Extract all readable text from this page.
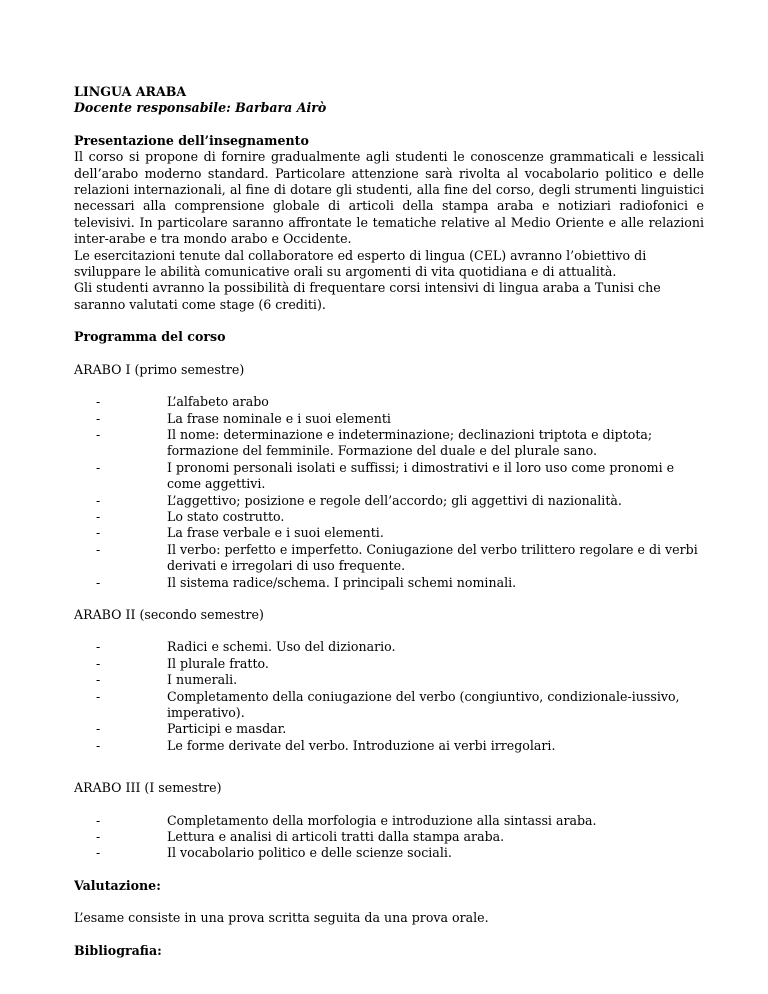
LINGUA ARABA

Docente responsabile: Barbara Airò

Presentazione dell’insegnamento

Il corso si propone di fornire gradualmente agli studenti le conoscenze grammaticali e lessicali dell’arabo moderno standard. Particolare attenzione sarà rivolta al vocabolario politico e delle relazioni internazionali, al fine di dotare gli studenti, alla fine del corso, degli strumenti linguistici necessari alla comprensione globale di articoli della stampa araba e notiziari radiofonici e televisivi. In particolare saranno affrontate le tematiche relative al Medio Oriente e alle relazioni inter-arabe e tra mondo arabo e Occidente.

Le esercitazioni tenute dal collaboratore ed esperto di lingua (CEL) avranno l’obiettivo di sviluppare le abilità comunicative orali su argomenti di vita quotidiana e di attualità.

Gli studenti avranno la possibilità di frequentare corsi intensivi di lingua araba a Tunisi che saranno valutati come stage (6 crediti).

Programma del corso

ARABO I (primo semestre)

-	L’alfabeto arabo
-	La frase nominale e i suoi elementi
-	Il nome: determinazione e indeterminazione; declinazioni triptota e diptota; formazione del femminile. Formazione del duale e del plurale sano.
-	I pronomi personali isolati e suffissi; i dimostrativi e il loro uso come pronomi e come aggettivi.
-	L’aggettivo; posizione e regole dell’accordo; gli aggettivi di nazionalità.
-	Lo stato costrutto.
-	La frase verbale e i suoi elementi.
-	Il verbo: perfetto e imperfetto. Coniugazione del verbo trilittero regolare e di verbi derivati e irregolari di uso frequente.
-	Il sistema radice/schema. I principali schemi nominali.

ARABO II (secondo semestre)

-	Radici e schemi. Uso del dizionario.
-	Il plurale fratto.
-	I numerali.
-	Completamento della coniugazione del verbo (congiuntivo, condizionale-iussivo, imperativo).
-	Participi e masdar.
-	Le forme derivate del verbo. Introduzione ai verbi irregolari.

ARABO III (I semestre)

-	Completamento della morfologia e introduzione alla sintassi araba.
-	Lettura e analisi di articoli tratti dalla stampa araba.
-	Il vocabolario politico e delle scienze sociali.

Valutazione:

L’esame consiste in una prova scritta seguita da una prova orale.

Bibliografia:
